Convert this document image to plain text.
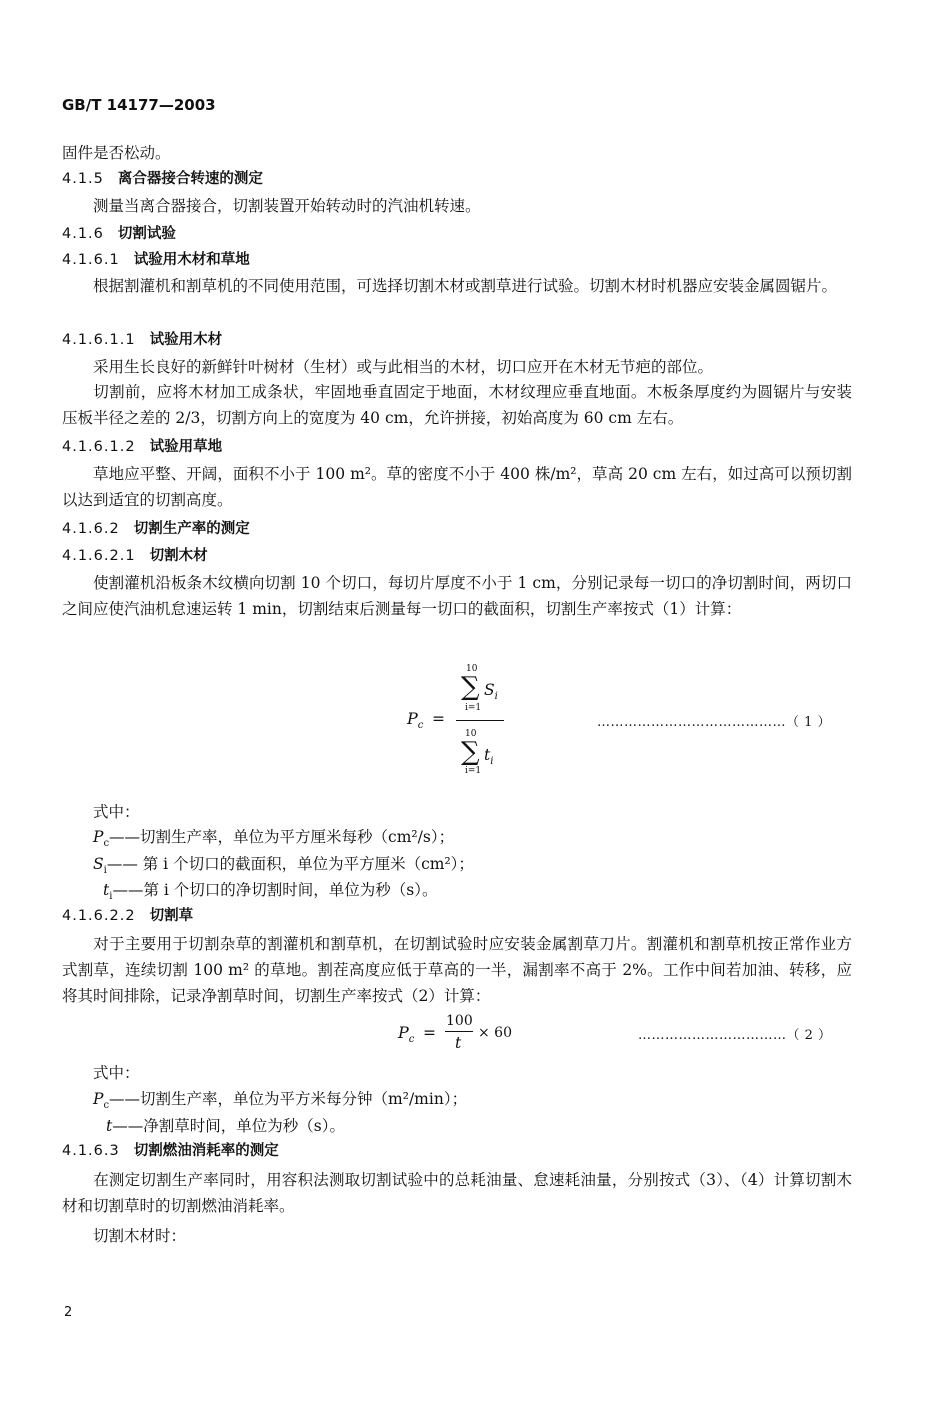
GB/T 14177—2003
固件是否松动。
4.1.5 离合器接合转速的测定
测量当离合器接合，切割装置开始转动时的汽油机转速。
4.1.6 切割试验
4.1.6.1 试验用木材和草地
根据割灌机和割草机的不同使用范围，可选择切割木材或割草进行试验。切割木材时机器应安装金属圆锯片。
4.1.6.1.1 试验用木材
采用生长良好的新鲜针叶树材（生材）或与此相当的木材，切口应开在木材无节疤的部位。
切割前，应将木材加工成条状，牢固地垂直固定于地面，木材纹理应垂直地面。木板条厚度约为圆锯片与安装压板半径之差的 2/3，切割方向上的宽度为 40 cm，允许拼接，初始高度为 60 cm 左右。
4.1.6.1.2 试验用草地
草地应平整、开阔，面积不小于 100 m²。草的密度不小于 400 株/m²，草高 20 cm 左右，如过高可以预切割以达到适宜的切割高度。
4.1.6.2 切割生产率的测定
4.1.6.2.1 切割木材
使割灌机沿板条木纹横向切割 10 个切口，每切片厚度不小于 1 cm，分别记录每一切口的净切割时间，两切口之间应使汽油机怠速运转 1 min，切割结束后测量每一切口的截面积，切割生产率按式（1）计算：
$P_c$ =
10
∑ $S_i$
i=1
10
∑ $t_i$
i=1
……………………………………（ 1 ）
式中：
$P_c——$切割生产率，单位为平方厘米每秒（cm²/s）；
$S_i——$ 第 i 个切口的截面积，单位为平方厘米（cm²）；
$t_i——$第 i 个切口的净切割时间，单位为秒（s）。
4.1.6.2.2 切割草
对于主要用于切割杂草的割灌机和割草机，在切割试验时应安装金属割草刀片。割灌机和割草机按正常作业方式割草，连续切割 100 m² 的草地。割茬高度应低于草高的一半，漏割率不高于 2%。工作中间若加油、转移，应将其时间排除，记录净割草时间，切割生产率按式（2）计算：
$P_c$ =
100
t
× 60	……………………………（ 2 ）
式中：
$P_c——$切割生产率，单位为平方米每分钟（m²/min）；
t——净割草时间，单位为秒（s）。
4.1.6.3 切割燃油消耗率的测定
在测定切割生产率同时，用容积法测取切割试验中的总耗油量、怠速耗油量，分别按式（3）、（4）计算切割木材和切割草时的切割燃油消耗率。
切割木材时：
2
